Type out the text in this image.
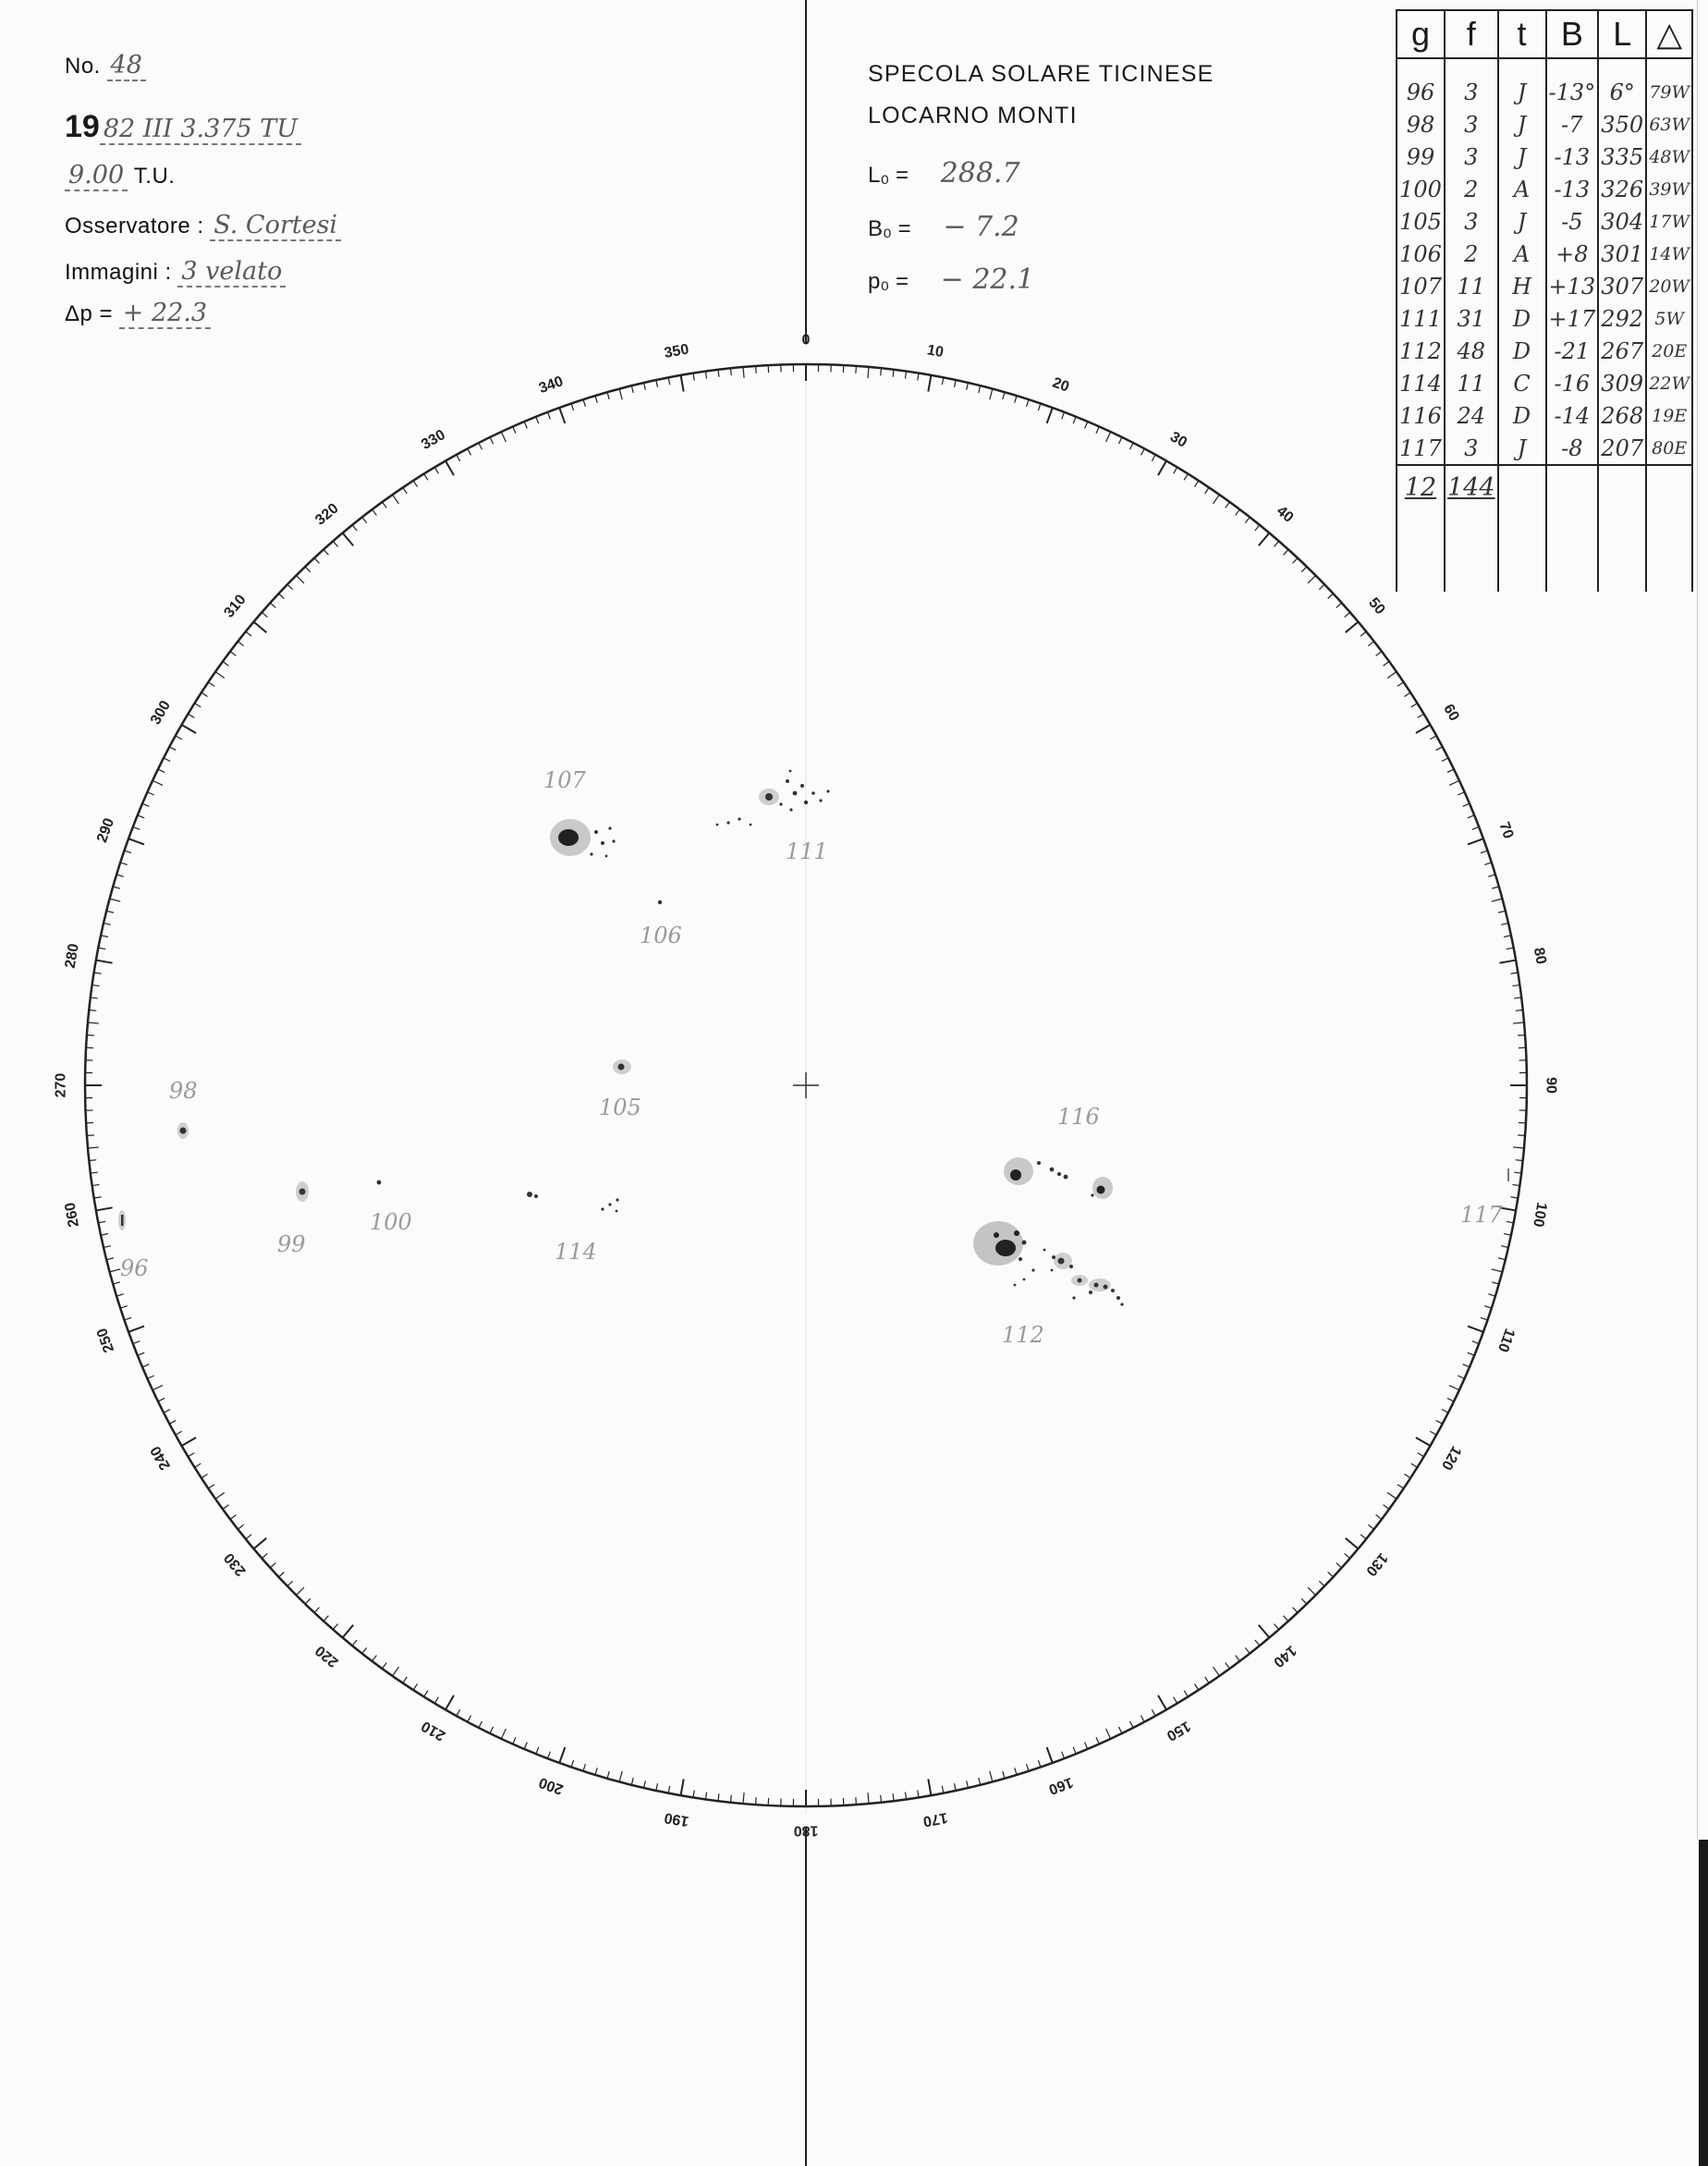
No. 48
19 82 III 3.375 TU
9.00 T.U.
Osservatore : S. Cortesi
Immagini : 3 velato
Δp = + 22.3
SPECOLA SOLARE TICINESE
LOCARNO MONTI
L₀ = 288.7
B₀ = − 7.2
p₀ = − 22.1
g	f	t	B	L	△
96	3	J	-13°	6°	79W
98	3	J	-7	350	63W
99	3	J	-13	335	48W
100	2	A	-13	326	39W
105	3	J	-5	304	17W
106	2	A	+8	301	14W
107	11	H	+13	307	20W
111	31	D	+17	292	5W
112	48	D	-21	267	20E
114	11	C	-16	309	22W
116	24	D	-14	268	19E
117	3	J	-8	207	80E
12	144				

0
10
20
30
40
50
60
70
80
90
100
110
120
130
140
150
160
170
180
190
200
210
220
230
240
250
260
270
280
290
300
310
320
330
340
350
107
111
106
98
105	116
99
100
114
117
96
112
